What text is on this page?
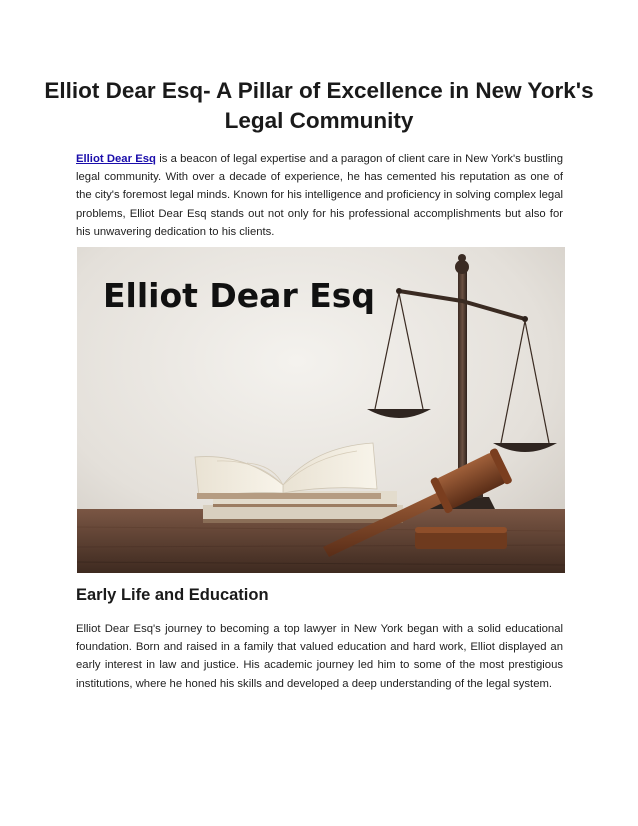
Elliot Dear Esq- A Pillar of Excellence in New York's
Legal Community

Elliot Dear Esq is a beacon of legal expertise and a paragon of client care in New York's bustling legal community. With over a decade of experience, he has cemented his reputation as one of the city's foremost legal minds. Known for his intelligence and proficiency in solving complex legal problems, Elliot Dear Esq stands out not only for his professional accomplishments but also for his unwavering dedication to his clients.

Elliot Dear Esq
Early Life and Education

Elliot Dear Esq's journey to becoming a top lawyer in New York began with a solid educational foundation. Born and raised in a family that valued education and hard work, Elliot displayed an early interest in law and justice. His academic journey led him to some of the most prestigious institutions, where he honed his skills and developed a deep understanding of the legal system.
